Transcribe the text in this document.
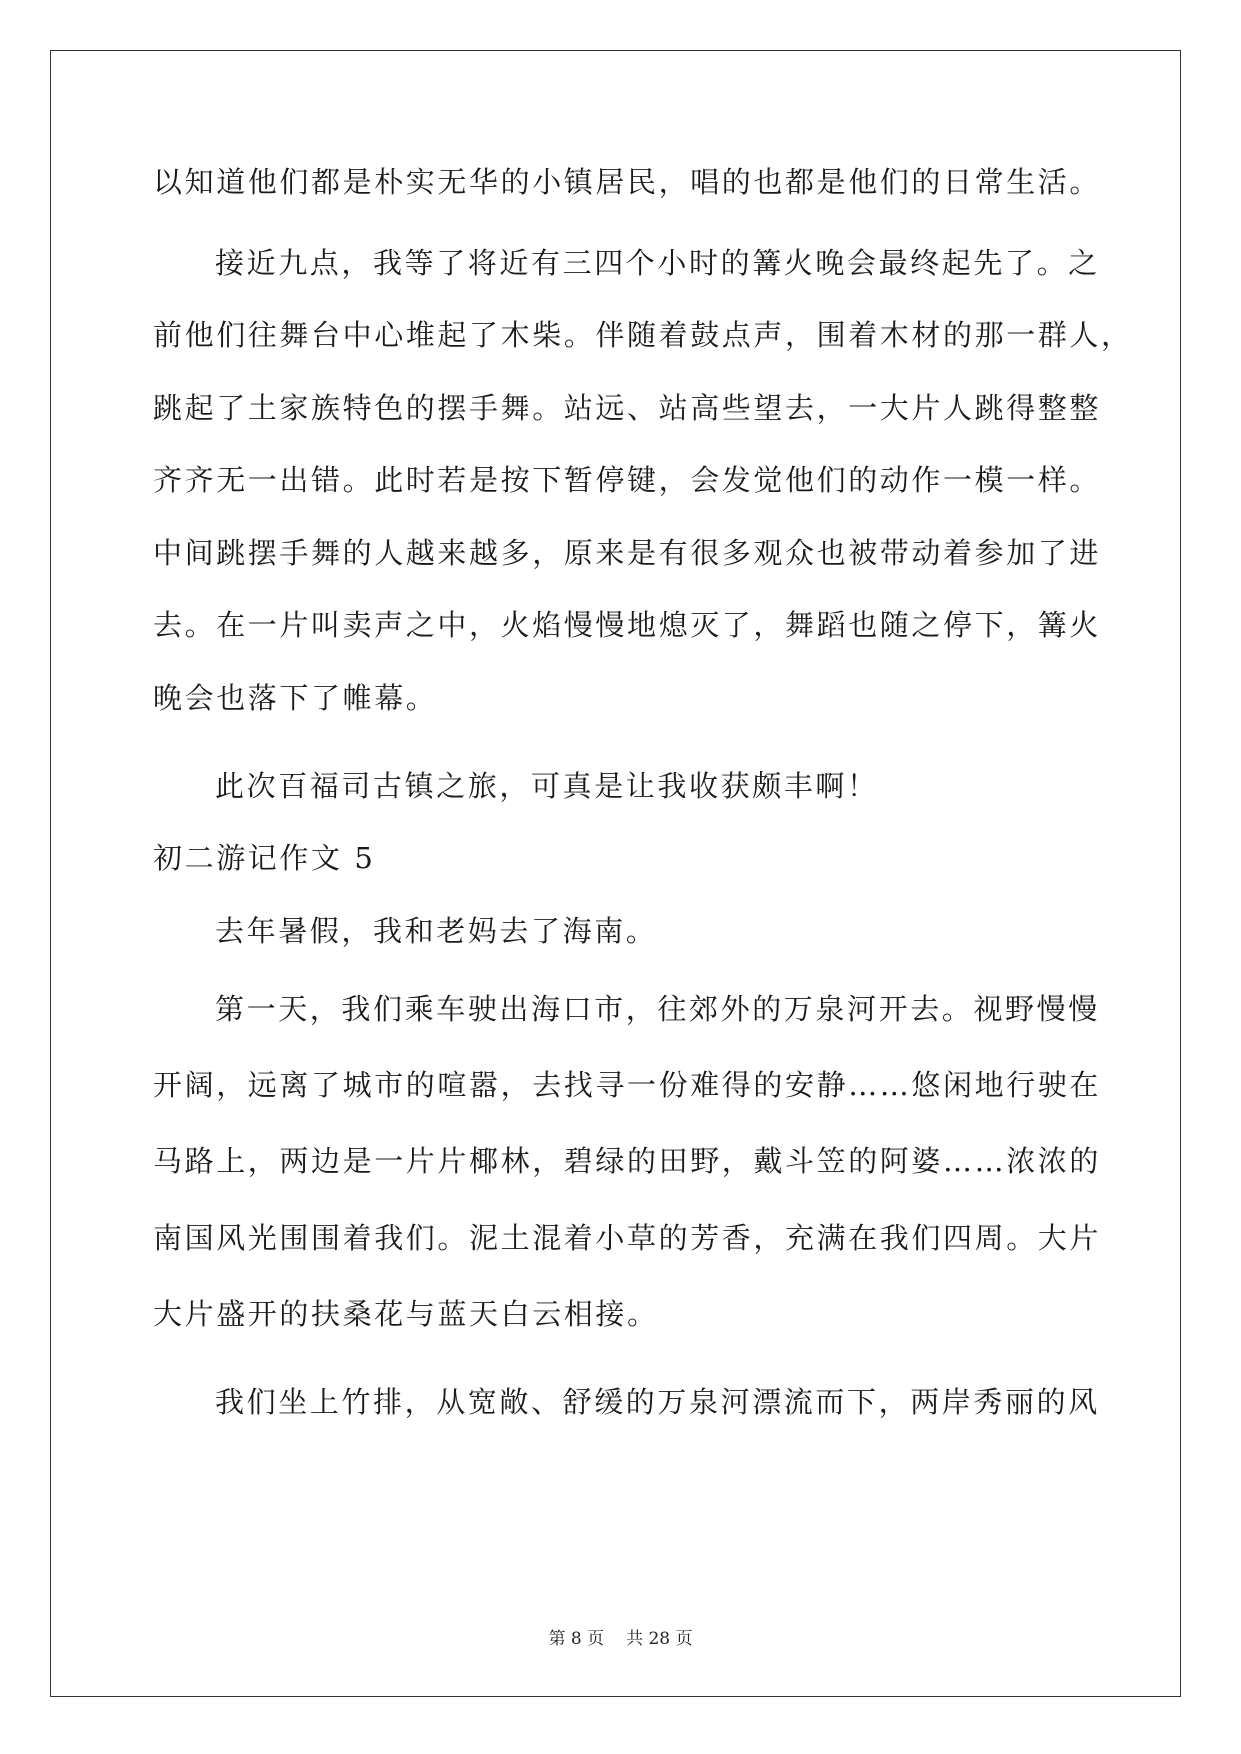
以知道他们都是朴实无华的小镇居民，唱的也都是他们的日常生活。
接近九点，我等了将近有三四个小时的篝火晚会最终起先了。之
前他们往舞台中心堆起了木柴。伴随着鼓点声，围着木材的那一群人，
跳起了土家族特色的摆手舞。站远、站高些望去，一大片人跳得整整
齐齐无一出错。此时若是按下暂停键，会发觉他们的动作一模一样。
中间跳摆手舞的人越来越多，原来是有很多观众也被带动着参加了进
去。在一片叫卖声之中，火焰慢慢地熄灭了，舞蹈也随之停下，篝火
晚会也落下了帷幕。
此次百福司古镇之旅，可真是让我收获颇丰啊！
初二游记作文 5
去年暑假，我和老妈去了海南。
第一天，我们乘车驶出海口市，往郊外的万泉河开去。视野慢慢
开阔，远离了城市的喧嚣，去找寻一份难得的安静……悠闲地行驶在
马路上，两边是一片片椰林，碧绿的田野，戴斗笠的阿婆……浓浓的
南国风光围围着我们。泥土混着小草的芳香，充满在我们四周。大片
大片盛开的扶桑花与蓝天白云相接。
我们坐上竹排，从宽敞、舒缓的万泉河漂流而下，两岸秀丽的风
第 8 页 共 28 页
